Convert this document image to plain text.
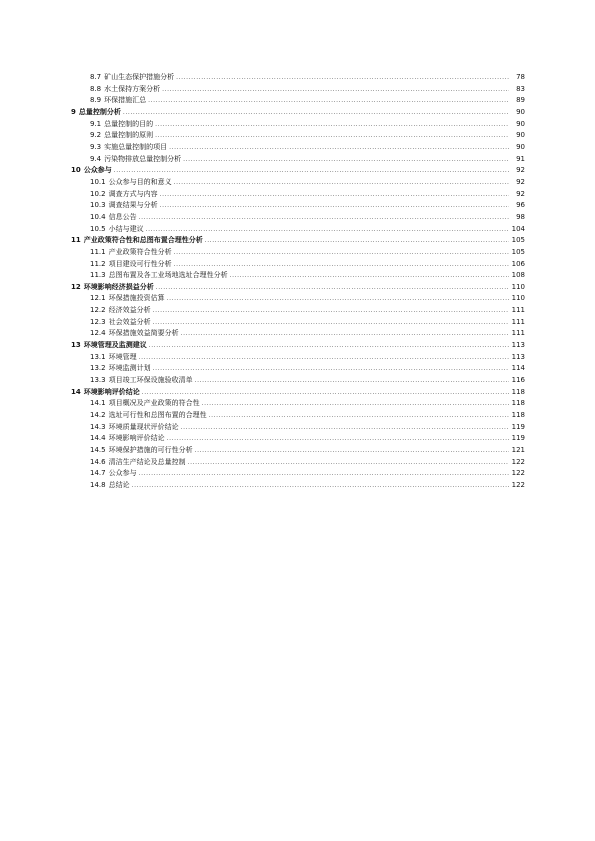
8.7 矿山生态保护措施分析 .....	78
8.8 水土保持方案分析 .....	83
8.9 环保措施汇总 .....	89
9 总量控制分析 .....	90
9.1 总量控制的目的 .....	90
9.2 总量控制的原则 .....	90
9.3 实施总量控制的项目 .....	90
9.4 污染物排放总量控制分析 .....	91
10 公众参与 .....	92
10.1 公众参与目的和意义 .....	92
10.2 调查方式与内容 .....	92
10.3 调查结果与分析 .....	96
10.4 信息公告 .....	98
10.5 小结与建议 .....	104
11 产业政策符合性和总图布置合理性分析 .....	105
11.1 产业政策符合性分析 .....	105
11.2 项目建设可行性分析 .....	106
11.3 总图布置及各工业场地选址合理性分析 .....	108
12 环境影响经济损益分析 .....	110
12.1 环保措施投资估算 .....	110
12.2 经济效益分析 .....	111
12.3 社会效益分析 .....	111
12.4 环保措施效益简要分析 .....	111
13 环境管理及监测建议 .....	113
13.1 环境管理 .....	113
13.2 环境监测计划 .....	114
13.3 项目竣工环保设施验收清单 .....	116
14 环境影响评价结论 .....	118
14.1 项目概况及产业政策的符合性 .....	118
14.2 选址可行性和总图布置的合理性 .....	118
14.3 环境质量现状评价结论 .....	119
14.4 环境影响评价结论 .....	119
14.5 环境保护措施的可行性分析 .....	121
14.6 清洁生产结论及总量控制 .....	122
14.7 公众参与 .....	122
14.8 总结论 .....	122
